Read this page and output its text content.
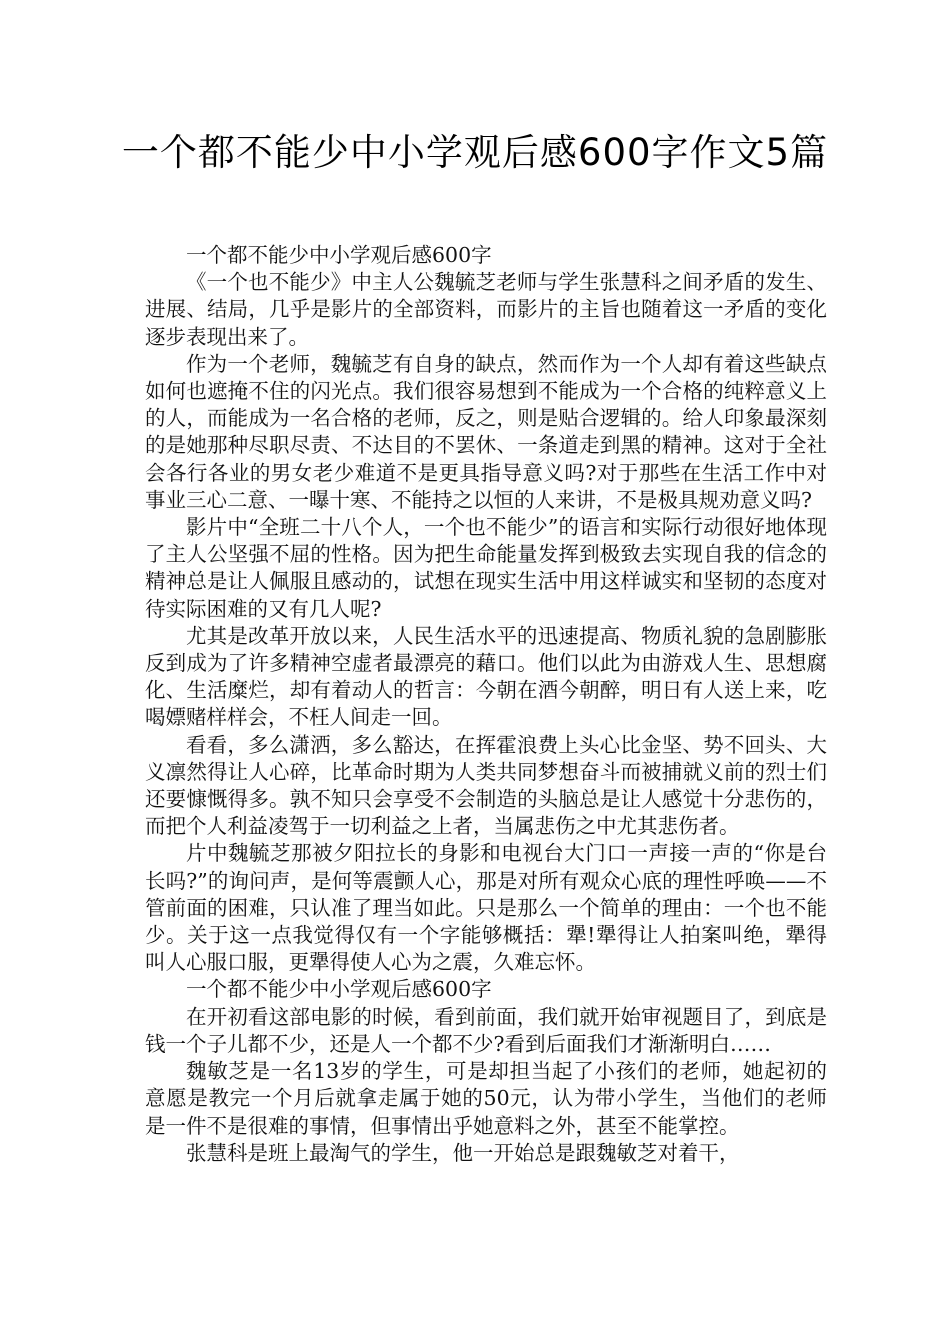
一个都不能少中小学观后感600字作文5篇

一个都不能少中小学观后感600字

《一个也不能少》中主人公魏毓芝老师与学生张慧科之间矛盾的发生、进展、结局，几乎是影片的全部资料，而影片的主旨也随着这一矛盾的变化逐步表现出来了。

作为一个老师，魏毓芝有自身的缺点，然而作为一个人却有着这些缺点如何也遮掩不住的闪光点。我们很容易想到不能成为一个合格的纯粹意义上的人，而能成为一名合格的老师，反之，则是贴合逻辑的。给人印象最深刻的是她那种尽职尽责、不达目的不罢休、一条道走到黑的精神。这对于全社会各行各业的男女老少难道不是更具指导意义吗?对于那些在生活工作中对事业三心二意、一曝十寒、不能持之以恒的人来讲，不是极具规劝意义吗?

影片中“全班二十八个人，一个也不能少”的语言和实际行动很好地体现了主人公坚强不屈的性格。因为把生命能量发挥到极致去实现自我的信念的精神总是让人佩服且感动的，试想在现实生活中用这样诚实和坚韧的态度对待实际困难的又有几人呢?

尤其是改革开放以来，人民生活水平的迅速提高、物质礼貌的急剧膨胀反到成为了许多精神空虚者最漂亮的藉口。他们以此为由游戏人生、思想腐化、生活糜烂，却有着动人的哲言：今朝在酒今朝醉，明日有人送上来，吃喝嫖赌样样会，不枉人间走一回。

看看，多么潇洒，多么豁达，在挥霍浪费上头心比金坚、势不回头、大义凛然得让人心碎，比革命时期为人类共同梦想奋斗而被捕就义前的烈士们还要慷慨得多。孰不知只会享受不会制造的头脑总是让人感觉十分悲伤的，而把个人利益凌驾于一切利益之上者，当属悲伤之中尤其悲伤者。

片中魏毓芝那被夕阳拉长的身影和电视台大门口一声接一声的“你是台长吗?”的询问声，是何等震颤人心，那是对所有观众心底的理性呼唤——不管前面的困难，只认准了理当如此。只是那么一个简单的理由：一个也不能少。关于这一点我觉得仅有一个字能够概括：犟!犟得让人拍案叫绝，犟得叫人心服口服，更犟得使人心为之震，久难忘怀。

一个都不能少中小学观后感600字

在开初看这部电影的时候，看到前面，我们就开始审视题目了，到底是钱一个子儿都不少，还是人一个都不少?看到后面我们才渐渐明白……

魏敏芝是一名13岁的学生，可是却担当起了小孩们的老师，她起初的意愿是教完一个月后就拿走属于她的50元，认为带小学生，当他们的老师是一件不是很难的事情，但事情出乎她意料之外，甚至不能掌控。

张慧科是班上最淘气的学生，他一开始总是跟魏敏芝对着干，
